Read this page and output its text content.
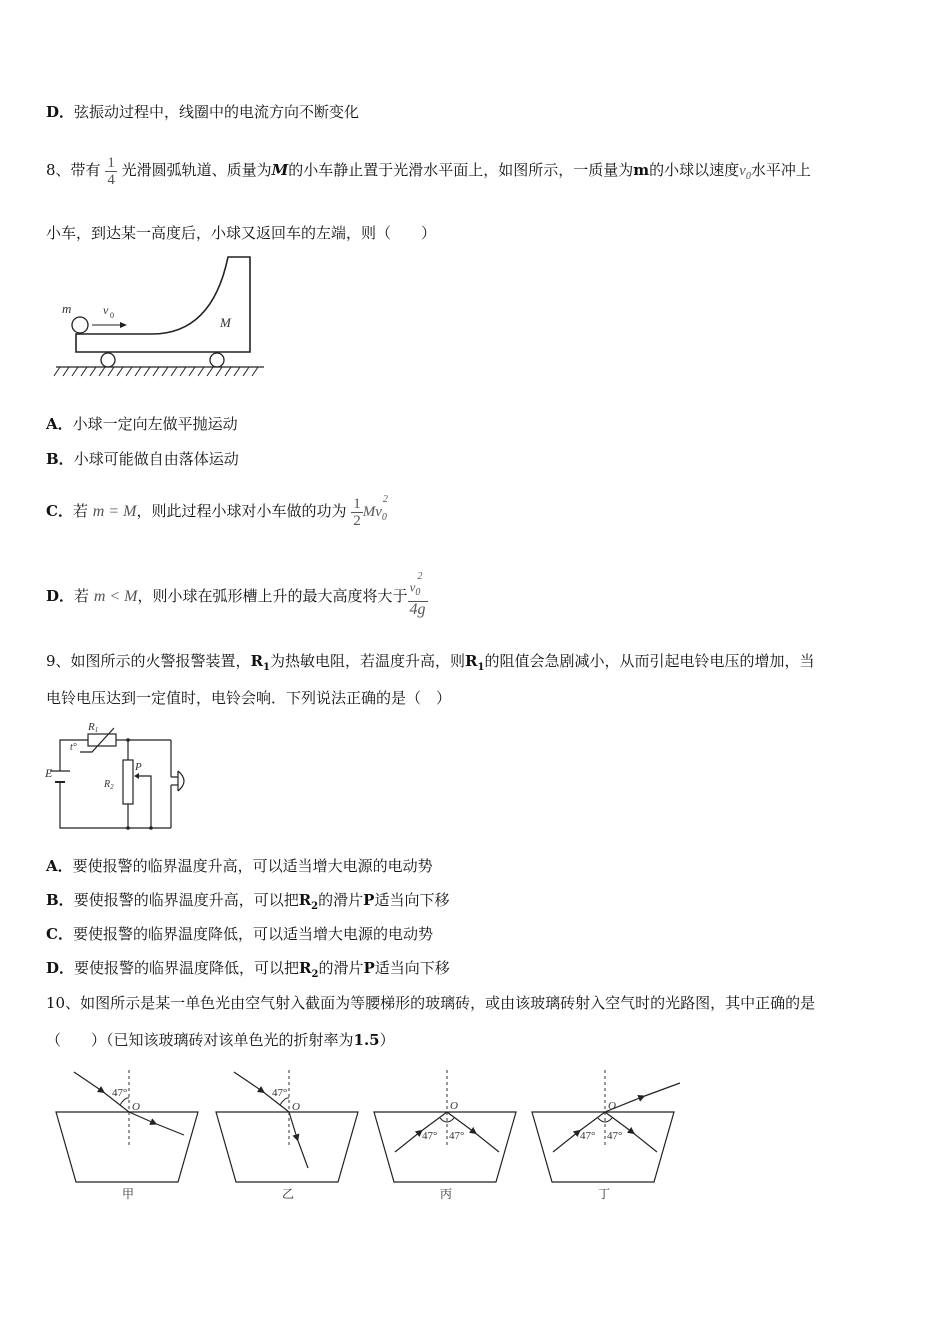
D．弦振动过程中，线圈中的电流方向不断变化
8、带有 $\frac{1}{4}$ 光滑圆弧轨道、质量为M的小车静止置于光滑水平面上，如图所示，一质量为m的小球以速度$v_0$水平冲上
小车，到达某一高度后，小球又返回车的左端，则（　　）
m	v 0	M
A．小球一定向左做平抛运动
B．小球可能做自由落体运动
C．若 m = M，则此过程小球对小车做的功为 $\frac{1}{2} Mv_0^2$
D．若 m < M，则小球在弧形槽上升的最大高度将大于 $\frac{v_0^2}{4g}$
9、如图所示的火警报警装置，$R_1$为热敏电阻，若温度升高，则$R_1$的阻值会急剧减小，从而引起电铃电压的增加，当
电铃电压达到一定值时，电铃会响．下列说法正确的是（　）
R1
t°
E
$R_2$
P
A．要使报警的临界温度升高，可以适当增大电源的电动势
B．要使报警的临界温度升高，可以把$R_2$的滑片P适当向下移
C．要使报警的临界温度降低，可以适当增大电源的电动势
D．要使报警的临界温度降低，可以把$R_2$的滑片P适当向下移
10、如图所示是某一单色光由空气射入截面为等腰梯形的玻璃砖，或由该玻璃砖射入空气时的光路图，其中正确的是
（　　）（已知该玻璃砖对该单色光的折射率为1.5）
47°
O
甲
47°
O
乙
47° 47°
O
丙
47° 47°
O
丁
